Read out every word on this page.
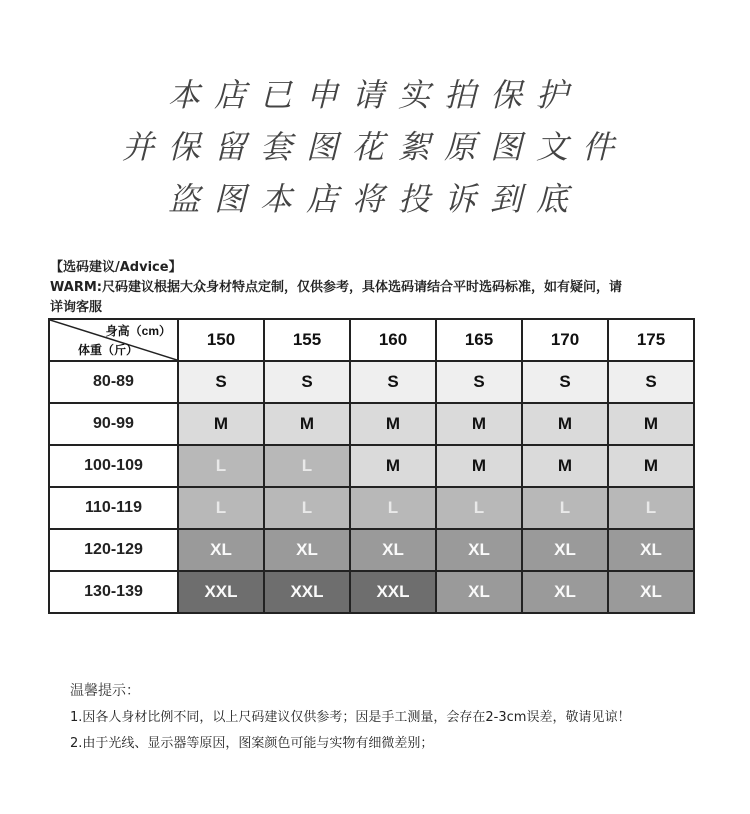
本店已申请实拍保护
并保留套图花絮原图文件
盗图本店将投诉到底
【选码建议/Advice】
WARM:尺码建议根据大众身材特点定制，仅供参考，具体选码请结合平时选码标准，如有疑问，请详询客服
身高（cm）
体重（斤）	150	155	160	165	170	175
80-89	S	S	S	S	S	S
90-99	M	M	M	M	M	M
100-109	L	L	M	M	M	M
110-119	L	L	L	L	L	L
120-129	XL	XL	XL	XL	XL	XL
130-139	XXL	XXL	XXL	XL	XL	XL
温馨提示：
1.因各人身材比例不同，以上尺码建议仅供参考；因是手工测量，会存在2-3cm误差，敬请见谅！
2.由于光线、显示器等原因，图案颜色可能与实物有细微差别；
